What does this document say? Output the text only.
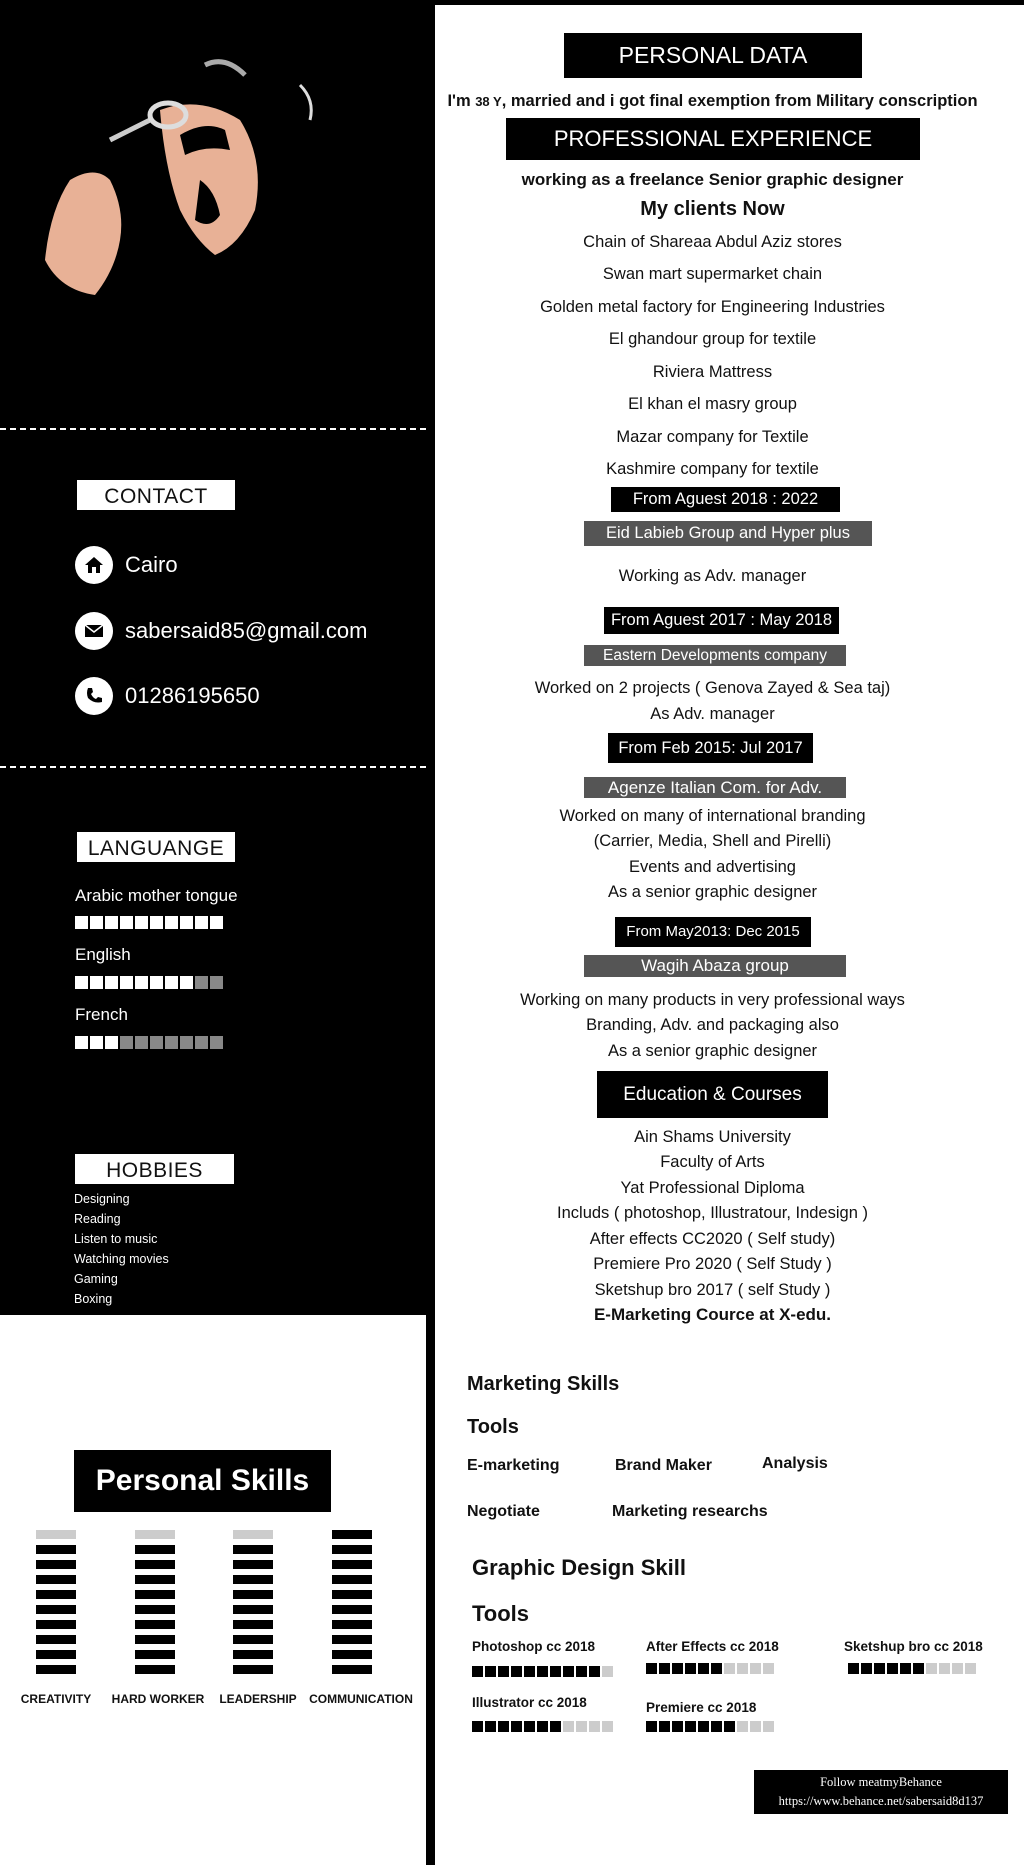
CONTACT
Cairo
sabersaid85@gmail.com
01286195650
LANGUANGE
Arabic mother tongue
English
French
HOBBIES
Designing
Reading
Listen to music
Watching movies
Gaming
Boxing
Personal Skills
CREATIVITY	HARD WORKER	LEADERSHIP	COMMUNICATION
PERSONAL DATA
I'm 38 Y, married and i got final exemption from Military conscription
PROFESSIONAL EXPERIENCE
working as a freelance Senior graphic designer
My clients Now
Chain of Shareaa Abdul Aziz stores
Swan mart supermarket chain
Golden metal factory for Engineering Industries
El ghandour group for textile
Riviera Mattress
El khan el masry group
Mazar company for Textile
Kashmire company for textile
From Aguest 2018 : 2022
Eid Labieb Group and Hyper plus
Working as Adv. manager
From Aguest 2017 : May 2018
Eastern Developments company
Worked on 2 projects ( Genova Zayed & Sea taj)
As Adv. manager
From Feb 2015: Jul 2017
Agenze Italian Com. for Adv.
Worked on many of international branding
(Carrier, Media, Shell and Pirelli)
Events and advertising
As a senior graphic designer
From May2013: Dec 2015
Wagih Abaza group
Working on many products in very professional ways
Branding, Adv. and packaging also
As a senior graphic designer
Education & Courses
Ain Shams University
Faculty of Arts
Yat Professional Diploma
Includs ( photoshop, Illustratour, Indesign )
After effects CC2020 ( Self study)
Premiere Pro 2020 ( Self Study )
Sketshup bro 2017 ( self Study )
E-Marketing Cource at X-edu.
Marketing Skills
Tools
E-marketing	Brand Maker	Analysis
Negotiate	Marketing researchs
Graphic Design Skill
Tools
Photoshop cc 2018	After Effects cc 2018	Sketshup bro cc 2018
Illustrator cc 2018	Premiere cc 2018
Follow meatmyBehance
https://www.behance.net/sabersaid8d137
